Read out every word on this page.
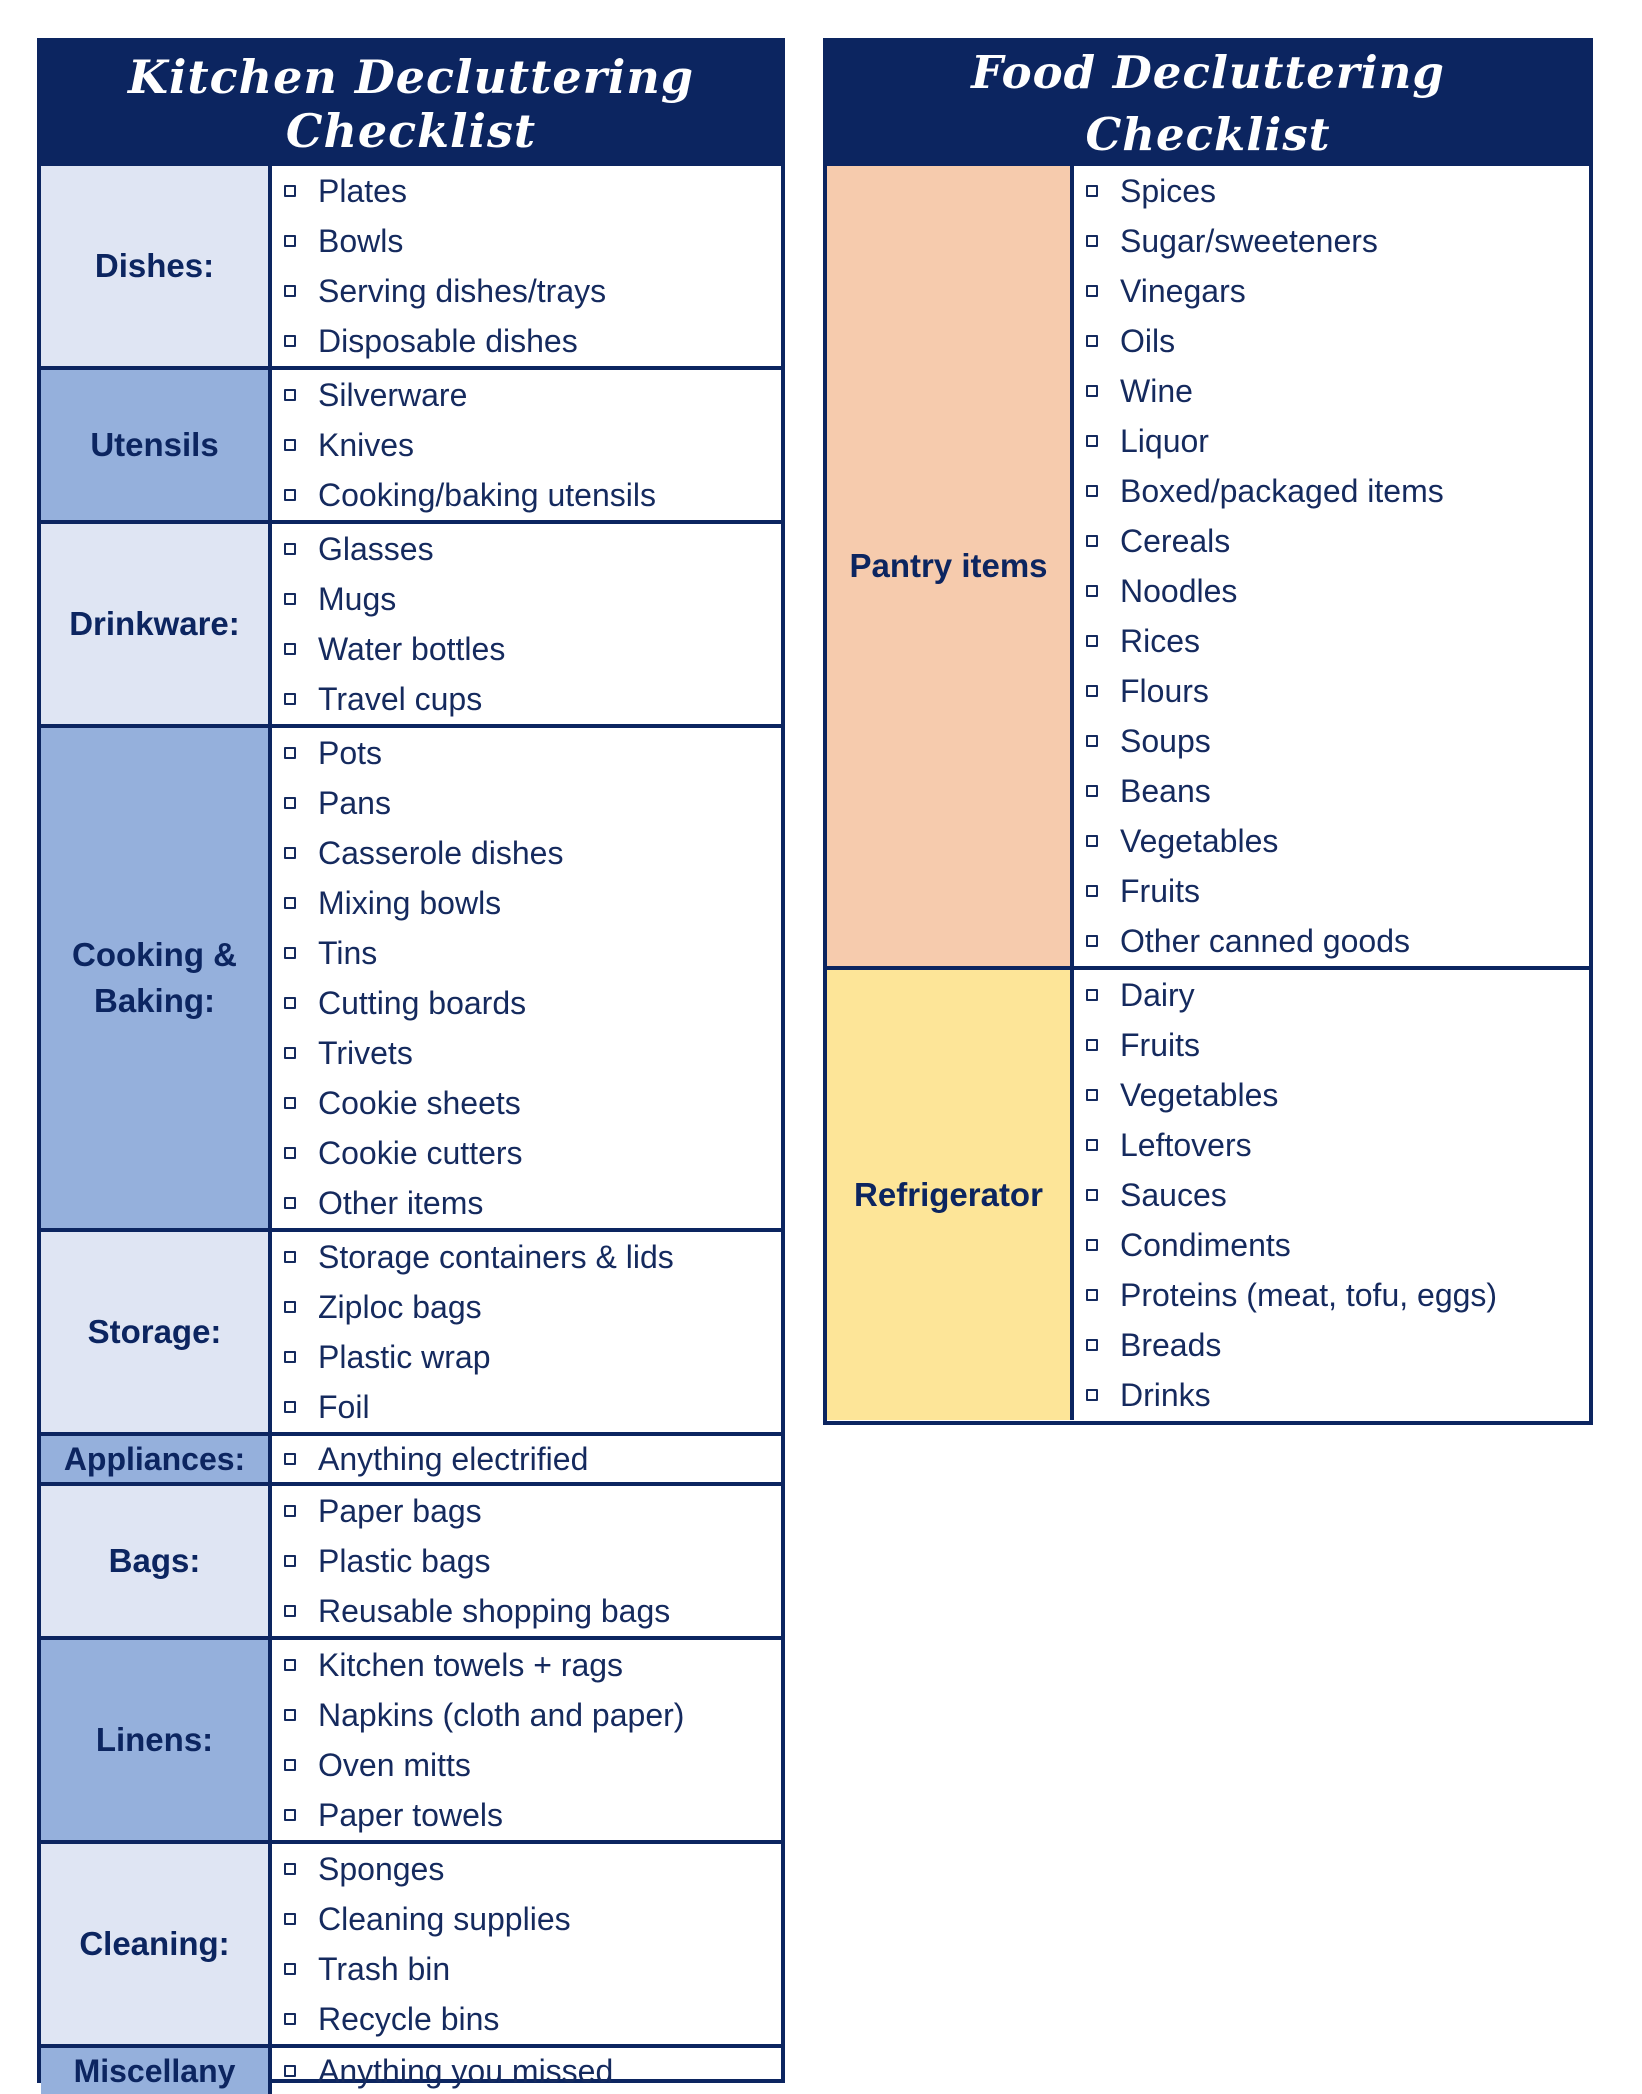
Kitchen Decluttering Checklist
Dishes:
Plates
Bowls
Serving dishes/trays
Disposable dishes
Utensils
Silverware
Knives
Cooking/baking utensils
Drinkware:
Glasses
Mugs
Water bottles
Travel cups
Cooking & Baking:
Pots
Pans
Casserole dishes
Mixing bowls
Tins
Cutting boards
Trivets
Cookie sheets
Cookie cutters
Other items
Storage:
Storage containers & lids
Ziploc bags
Plastic wrap
Foil
Appliances:	Anything electrified
Bags:
Paper bags
Plastic bags
Reusable shopping bags
Linens:
Kitchen towels + rags
Napkins (cloth and paper)
Oven mitts
Paper towels
Cleaning:
Sponges
Cleaning supplies
Trash bin
Recycle bins
Miscellany	Anything you missed
Food Decluttering Checklist
Pantry items
Spices
Sugar/sweeteners
Vinegars
Oils
Wine
Liquor
Boxed/packaged items
Cereals
Noodles
Rices
Flours
Soups
Beans
Vegetables
Fruits
Other canned goods
Refrigerator
Dairy
Fruits
Vegetables
Leftovers
Sauces
Condiments
Proteins (meat, tofu, eggs)
Breads
Drinks
